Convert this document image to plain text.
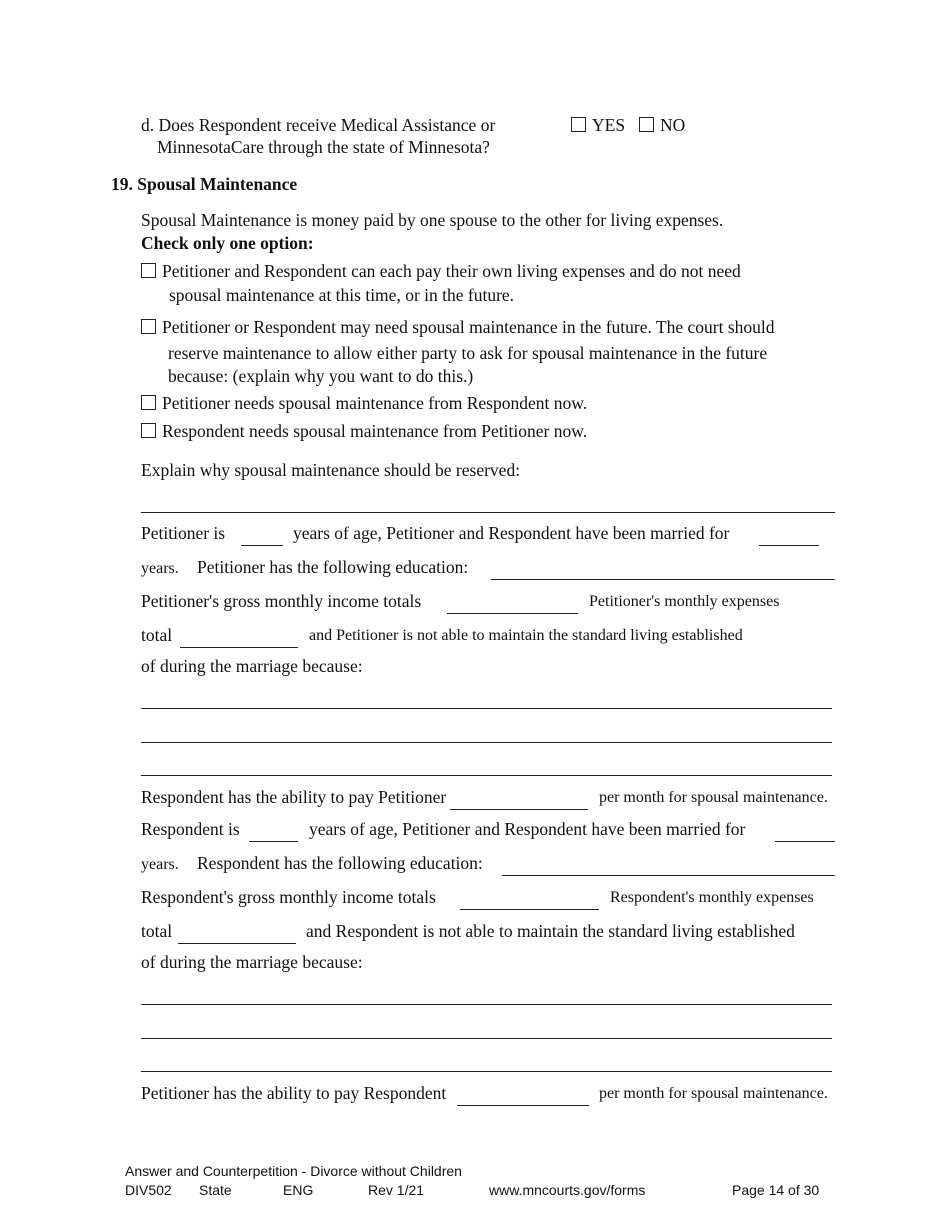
d. Does Respondent receive Medical Assistance or
MinnesotaCare through the state of Minnesota?
YES	NO
19. Spousal Maintenance
Spousal Maintenance is money paid by one spouse to the other for living expenses.
Check only one option:
Petitioner and Respondent can each pay their own living expenses and do not need
spousal maintenance at this time, or in the future.
Petitioner or Respondent may need spousal maintenance in the future. The court should
reserve maintenance to allow either party to ask for spousal maintenance in the future
because: (explain why you want to do this.)
Petitioner needs spousal maintenance from Respondent now.
Respondent needs spousal maintenance from Petitioner now.
Explain why spousal maintenance should be reserved:
Petitioner is	years of age, Petitioner and Respondent have been married for
years. Petitioner has the following education:
Petitioner's gross monthly income totals	Petitioner's monthly expenses
total	and Petitioner is not able to maintain the standard living established
of during the marriage because:
Respondent has the ability to pay Petitioner	per month for spousal maintenance.
Respondent is	years of age, Petitioner and Respondent have been married for
years. Respondent has the following education:
Respondent's gross monthly income totals	Respondent's monthly expenses
total	and Respondent is not able to maintain the standard living established
of during the marriage because:
Petitioner has the ability to pay Respondent	per month for spousal maintenance.
Answer and Counterpetition - Divorce without Children
DIV502 State	ENG	Rev 1/21	www.mncourts.gov/forms	Page 14 of 30
